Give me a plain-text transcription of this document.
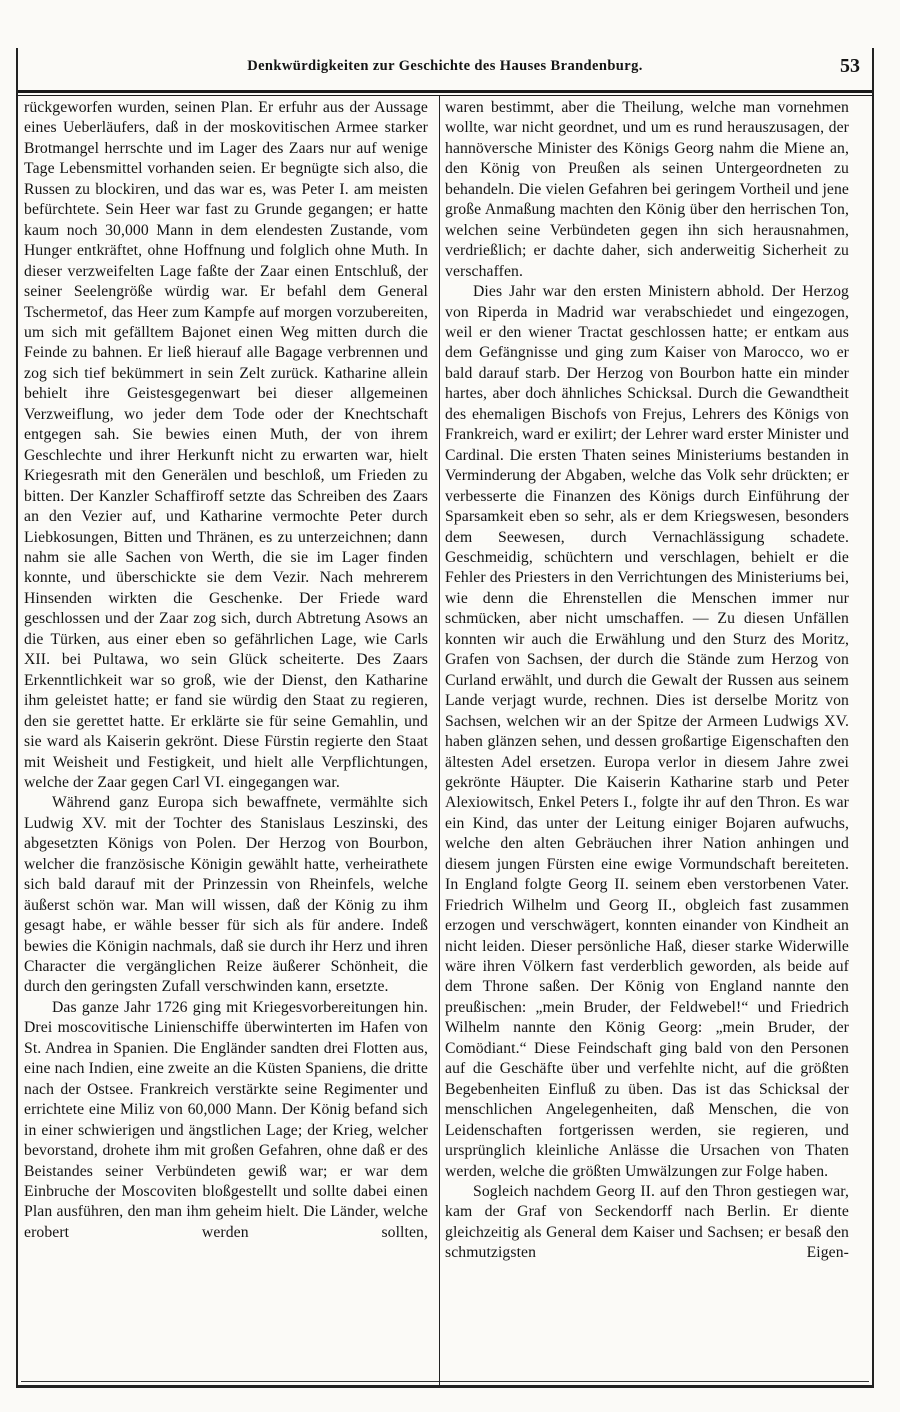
Denkwürdigkeiten zur Geschichte des Hauses Brandenburg.	53

rückgeworfen wurden, seinen Plan. Er erfuhr aus der Aussage eines Ueberläufers, daß in der moskovitischen Armee starker Brotmangel herrschte und im Lager des Zaars nur auf wenige Tage Lebensmittel vorhanden seien. Er begnügte sich also, die Russen zu blockiren, und das war es, was Peter I. am meisten befürchtete. Sein Heer war fast zu Grunde gegangen; er hatte kaum noch 30,000 Mann in dem elendesten Zustande, vom Hunger entkräftet, ohne Hoffnung und folglich ohne Muth. In dieser verzweifelten Lage faßte der Zaar einen Entschluß, der seiner Seelengröße würdig war. Er befahl dem General Tschermetof, das Heer zum Kampfe auf morgen vorzubereiten, um sich mit gefälltem Bajonet einen Weg mitten durch die Feinde zu bahnen. Er ließ hierauf alle Bagage verbrennen und zog sich tief bekümmert in sein Zelt zurück. Katharine allein behielt ihre Geistesgegenwart bei dieser allgemeinen Verzweiflung, wo jeder dem Tode oder der Knechtschaft entgegen sah. Sie bewies einen Muth, der von ihrem Geschlechte und ihrer Herkunft nicht zu erwarten war, hielt Kriegesrath mit den Generälen und beschloß, um Frieden zu bitten. Der Kanzler Schaffiroff setzte das Schreiben des Zaars an den Vezier auf, und Katharine vermochte Peter durch Liebkosungen, Bitten und Thränen, es zu unterzeichnen; dann nahm sie alle Sachen von Werth, die sie im Lager finden konnte, und überschickte sie dem Vezir. Nach mehrerem Hinsenden wirkten die Geschenke. Der Friede ward geschlossen und der Zaar zog sich, durch Abtretung Asows an die Türken, aus einer eben so gefährlichen Lage, wie Carls XII. bei Pultawa, wo sein Glück scheiterte. Des Zaars Erkenntlichkeit war so groß, wie der Dienst, den Katharine ihm geleistet hatte; er fand sie würdig den Staat zu regieren, den sie gerettet hatte. Er erklärte sie für seine Gemahlin, und sie ward als Kaiserin gekrönt. Diese Fürstin regierte den Staat mit Weisheit und Festigkeit, und hielt alle Verpflichtungen, welche der Zaar gegen Carl VI. eingegangen war.

Während ganz Europa sich bewaffnete, vermählte sich Ludwig XV. mit der Tochter des Stanislaus Leszinski, des abgesetzten Königs von Polen. Der Herzog von Bourbon, welcher die französische Königin gewählt hatte, verheirathete sich bald darauf mit der Prinzessin von Rheinfels, welche äußerst schön war. Man will wissen, daß der König zu ihm gesagt habe, er wähle besser für sich als für andere. Indeß bewies die Königin nachmals, daß sie durch ihr Herz und ihren Character die vergänglichen Reize äußerer Schönheit, die durch den geringsten Zufall verschwinden kann, ersetzte.

Das ganze Jahr 1726 ging mit Kriegesvorbereitungen hin. Drei moscovitische Linienschiffe überwinterten im Hafen von St. Andrea in Spanien. Die Engländer sandten drei Flotten aus, eine nach Indien, eine zweite an die Küsten Spaniens, die dritte nach der Ostsee. Frankreich verstärkte seine Regimenter und errichtete eine Miliz von 60,000 Mann. Der König befand sich in einer schwierigen und ängstlichen Lage; der Krieg, welcher bevorstand, drohete ihm mit großen Gefahren, ohne daß er des Beistandes seiner Verbündeten gewiß war; er war dem Einbruche der Moscoviten bloßgestellt und sollte dabei einen Plan ausführen, den man ihm geheim hielt. Die Länder, welche erobert werden sollten,

waren bestimmt, aber die Theilung, welche man vornehmen wollte, war nicht geordnet, und um es rund herauszusagen, der hannöversche Minister des Königs Georg nahm die Miene an, den König von Preußen als seinen Untergeordneten zu behandeln. Die vielen Gefahren bei geringem Vortheil und jene große Anmaßung machten den König über den herrischen Ton, welchen seine Verbündeten gegen ihn sich herausnahmen, verdrießlich; er dachte daher, sich anderweitig Sicherheit zu verschaffen.

Dies Jahr war den ersten Ministern abhold. Der Herzog von Riperda in Madrid war verabschiedet und eingezogen, weil er den wiener Tractat geschlossen hatte; er entkam aus dem Gefängnisse und ging zum Kaiser von Marocco, wo er bald darauf starb. Der Herzog von Bourbon hatte ein minder hartes, aber doch ähnliches Schicksal. Durch die Gewandtheit des ehemaligen Bischofs von Frejus, Lehrers des Königs von Frankreich, ward er exilirt; der Lehrer ward erster Minister und Cardinal. Die ersten Thaten seines Ministeriums bestanden in Verminderung der Abgaben, welche das Volk sehr drückten; er verbesserte die Finanzen des Königs durch Einführung der Sparsamkeit eben so sehr, als er dem Kriegswesen, besonders dem Seewesen, durch Vernachlässigung schadete. Geschmeidig, schüchtern und verschlagen, behielt er die Fehler des Priesters in den Verrichtungen des Ministeriums bei, wie denn die Ehrenstellen die Menschen immer nur schmücken, aber nicht umschaffen. — Zu diesen Unfällen konnten wir auch die Erwählung und den Sturz des Moritz, Grafen von Sachsen, der durch die Stände zum Herzog von Curland erwählt, und durch die Gewalt der Russen aus seinem Lande verjagt wurde, rechnen. Dies ist derselbe Moritz von Sachsen, welchen wir an der Spitze der Armeen Ludwigs XV. haben glänzen sehen, und dessen großartige Eigenschaften den ältesten Adel ersetzen. Europa verlor in diesem Jahre zwei gekrönte Häupter. Die Kaiserin Katharine starb und Peter Alexiowitsch, Enkel Peters I., folgte ihr auf den Thron. Es war ein Kind, das unter der Leitung einiger Bojaren aufwuchs, welche den alten Gebräuchen ihrer Nation anhingen und diesem jungen Fürsten eine ewige Vormundschaft bereiteten. In England folgte Georg II. seinem eben verstorbenen Vater. Friedrich Wilhelm und Georg II., obgleich fast zusammen erzogen und verschwägert, konnten einander von Kindheit an nicht leiden. Dieser persönliche Haß, dieser starke Widerwille wäre ihren Völkern fast verderblich geworden, als beide auf dem Throne saßen. Der König von England nannte den preußischen: „mein Bruder, der Feldwebel!“ und Friedrich Wilhelm nannte den König Georg: „mein Bruder, der Comödiant.“ Diese Feindschaft ging bald von den Personen auf die Geschäfte über und verfehlte nicht, auf die größten Begebenheiten Einfluß zu üben. Das ist das Schicksal der menschlichen Angelegenheiten, daß Menschen, die von Leidenschaften fortgerissen werden, sie regieren, und ursprünglich kleinliche Anlässe die Ursachen von Thaten werden, welche die größten Umwälzungen zur Folge haben.

Sogleich nachdem Georg II. auf den Thron gestiegen war, kam der Graf von Seckendorff nach Berlin. Er diente gleichzeitig als General dem Kaiser und Sachsen; er besaß den schmutzigsten Eigen-
